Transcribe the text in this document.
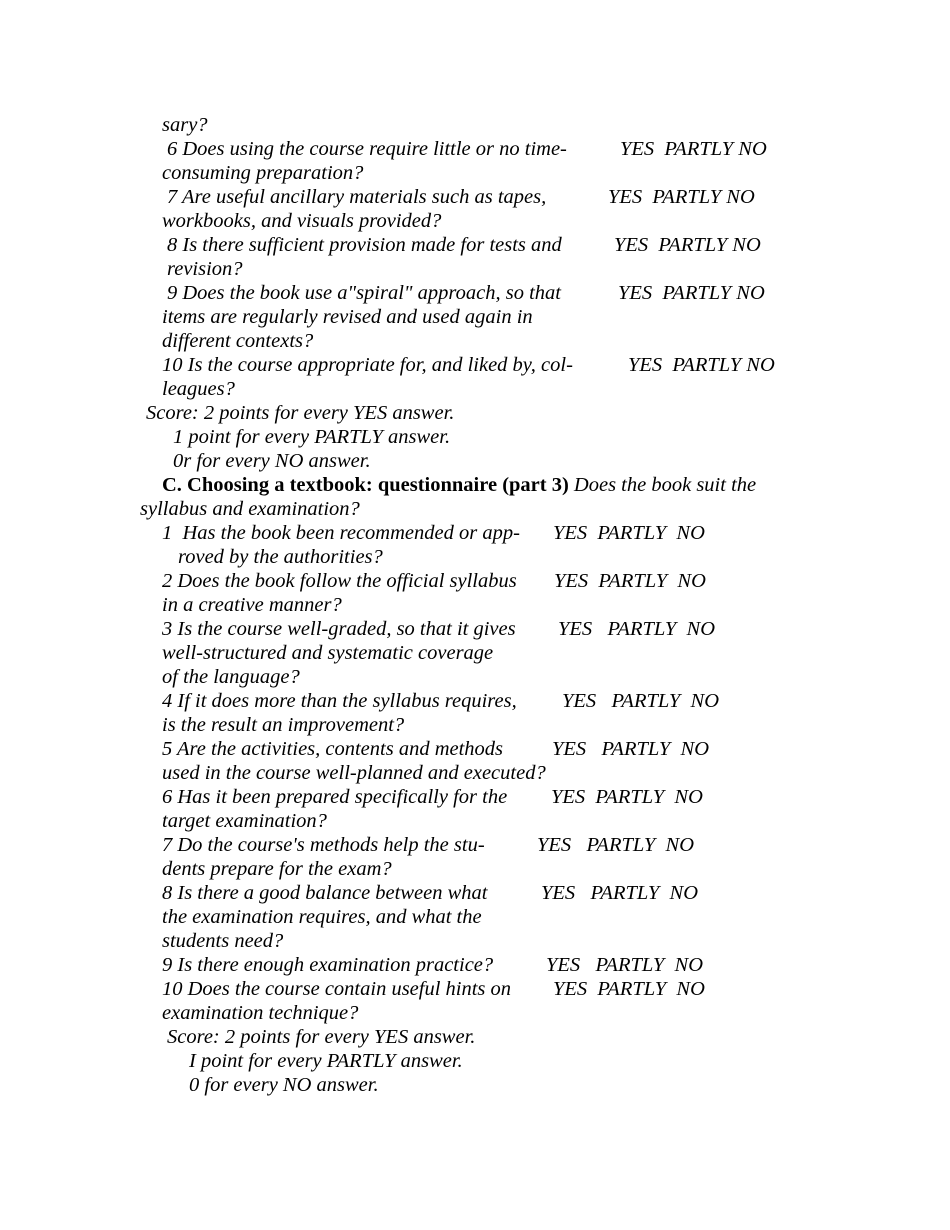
sary?
6 Does using the course require little or no time-	YES  PARTLY NO
consuming preparation?
7 Are useful ancillary materials such as tapes,	YES  PARTLY NO
workbooks, and visuals provided?
8 Is there sufficient provision made for tests and	YES  PARTLY NO
revision?
9 Does the book use a"spiral" approach, so that	YES  PARTLY NO
items are regularly revised and used again in
different contexts?
10 Is the course appropriate for, and liked by, col-	YES  PARTLY NO
leagues?
Score: 2 points for every YES answer.
1 point for every PARTLY answer.
0r for every NO answer.
C. Choosing a textbook: questionnaire (part 3) Does the book suit the
syllabus and examination?
1  Has the book been recommended or app- YES  PARTLY  NO
roved by the authorities?
2 Does the book follow the official syllabus YES  PARTLY  NO
in a creative manner?
3 Is the course well-graded, so that it gives YES   PARTLY  NO
well-structured and systematic coverage
of the language?
4 If it does more than the syllabus requires, YES   PARTLY  NO
is the result an improvement?
5 Are the activities, contents and methods YES   PARTLY  NO
used in the course well-planned and executed?
6 Has it been prepared specifically for the YES  PARTLY  NO
target examination?
7 Do the course's methods help the stu-	YES   PARTLY  NO
dents prepare for the exam?
8 Is there a good balance between what	YES   PARTLY  NO
the examination requires, and what the
students need?
9 Is there enough examination practice?	YES   PARTLY  NO
10 Does the course contain useful hints on YES  PARTLY  NO
examination technique?
Score: 2 points for every YES answer.
I point for every PARTLY answer.
0 for every NO answer.
